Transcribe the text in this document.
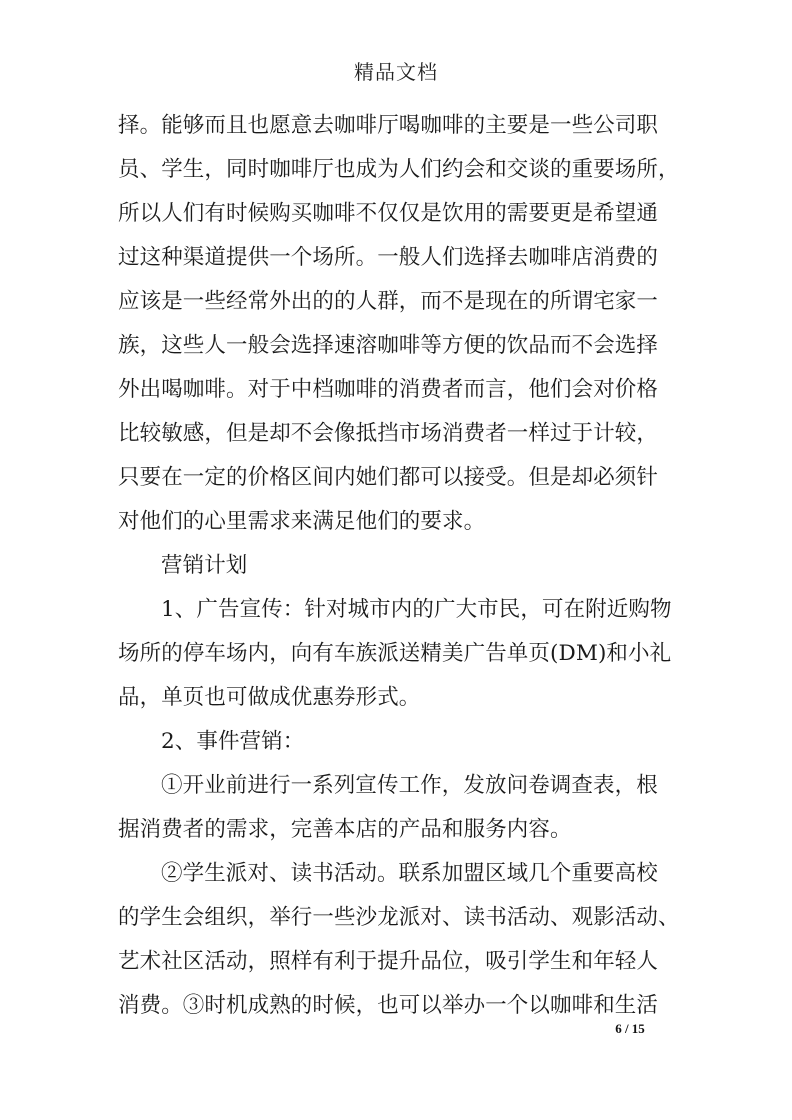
精品文档
择。能够而且也愿意去咖啡厅喝咖啡的主要是一些公司职
员、学生，同时咖啡厅也成为人们约会和交谈的重要场所，
所以人们有时候购买咖啡不仅仅是饮用的需要更是希望通
过这种渠道提供一个场所。一般人们选择去咖啡店消费的
应该是一些经常外出的的人群，而不是现在的所谓宅家一
族，这些人一般会选择速溶咖啡等方便的饮品而不会选择
外出喝咖啡。对于中档咖啡的消费者而言，他们会对价格
比较敏感，但是却不会像抵挡市场消费者一样过于计较，
只要在一定的价格区间内她们都可以接受。但是却必须针
对他们的心里需求来满足他们的要求。
营销计划
1、广告宣传：针对城市内的广大市民，可在附近购物
场所的停车场内，向有车族派送精美广告单页(DM)和小礼
品，单页也可做成优惠券形式。
2、事件营销：
①开业前进行一系列宣传工作，发放问卷调查表，根
据消费者的需求，完善本店的产品和服务内容。
②学生派对、读书活动。联系加盟区域几个重要高校
的学生会组织，举行一些沙龙派对、读书活动、观影活动、
艺术社区活动，照样有利于提升品位，吸引学生和年轻人
消费。③时机成熟的时候，也可以举办一个以咖啡和生活
6 / 15
